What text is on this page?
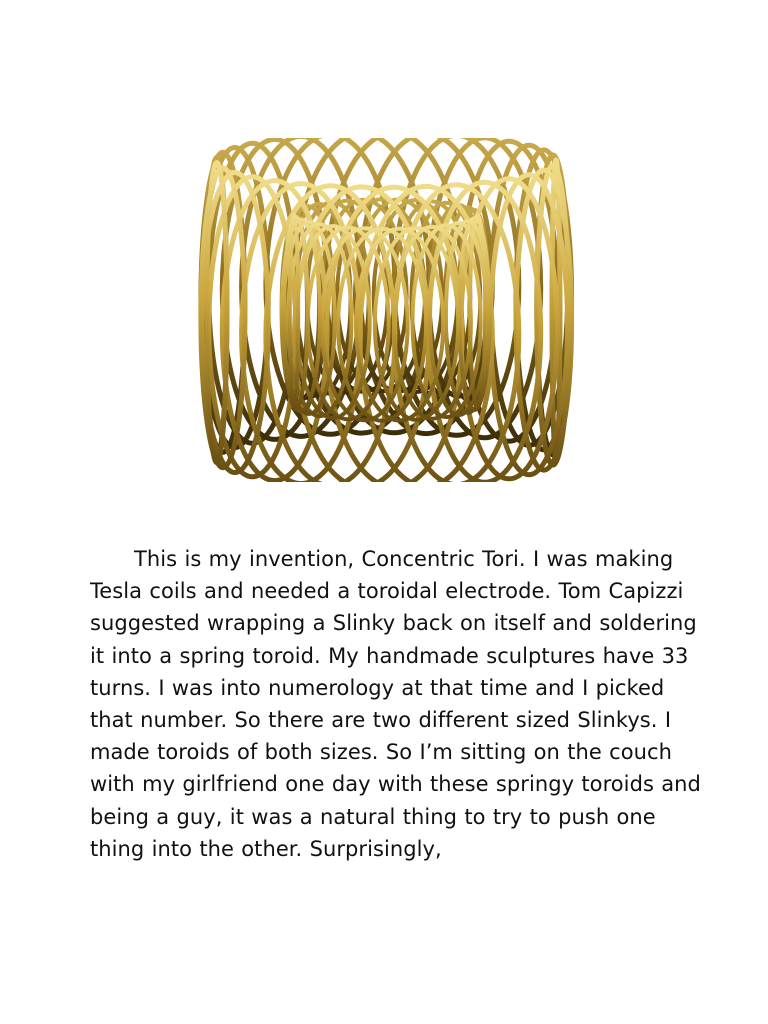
This is my invention, Concentric Tori. I was making Tesla coils and needed a toroidal electrode. Tom Capizzi suggested wrapping a Slinky back on itself and soldering it into a spring toroid. My handmade sculptures have 33 turns. I was into numerology at that time and I picked that number. So there are two different sized Slinkys. I made toroids of both sizes. So I’m sitting on the couch with my girlfriend one day with these springy toroids and being a guy, it was a natural thing to try to push one thing into the other. Surprisingly,
